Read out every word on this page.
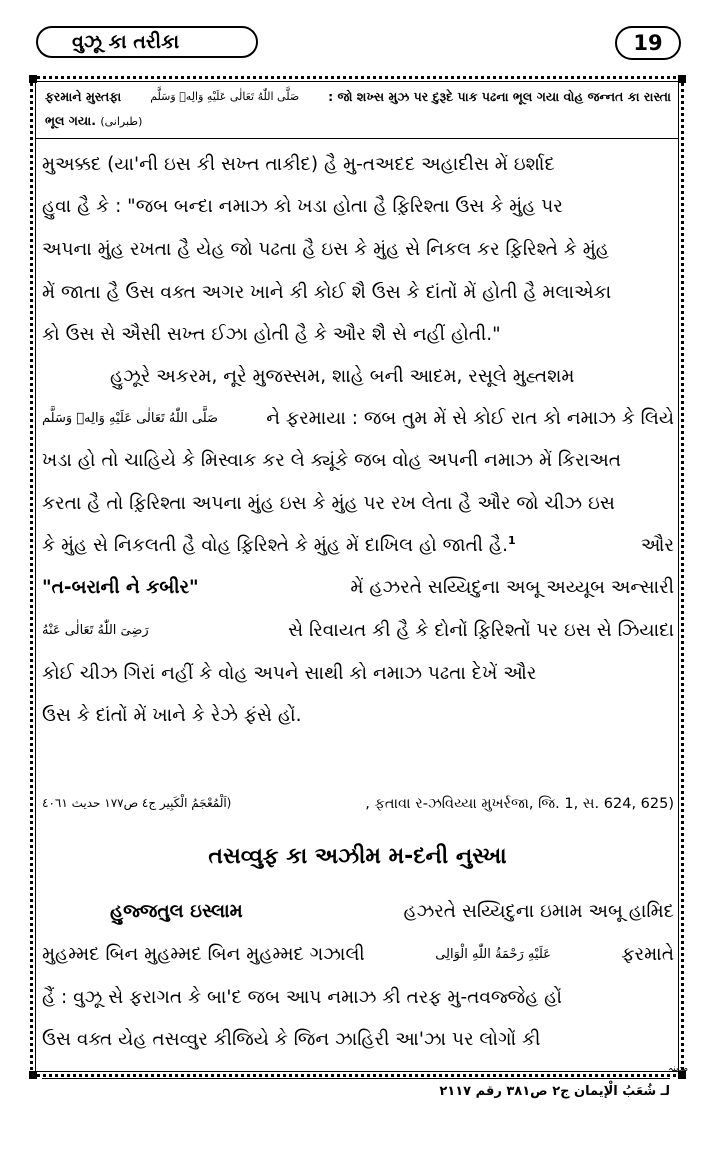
વુઝૂ કા તરીકા	19
ફરમાને મુસ્તફા	صَلَّى اللّٰهُ تَعَالٰى عَلَيْهِ وَالِهٖ وَسَلَّم : જો શખ્સ મુઝ પર દુરૂદે પાક પઢના ભૂલ ગયા વોહ જન્નત કા રાસ્તા
ભૂલ ગયા. (طبرانی)
મુઅક્કદ (યા'ની ઇસ કી સખ્ત તાકીદ) હૈ મુ-તઅદદ અહાદીસ મેં ઇર્શાદ
હુવા હૈ કે : "જબ બન્દા નમાઝ કો ખડા હોતા હૈ ફ઼િરિશ્તા ઉસ કે મુંહ પર
અપના મુંહ રખતા હૈ યેહ જો પઢતા હૈ ઇસ કે મુંહ સે નિકલ કર ફ઼િરિશ્તે કે મુંહ
મેં જાતા હૈ ઉસ વક્ત અગર ખાને કી કોઈ શૈ ઉસ કે દાંતોં મેં હોતી હૈ મલાએકા
કો ઉસ સે ઐસી સખ્ત ઈઝા હોતી હૈ કે ઔર શૈ સે નહીં હોતી."
હુઝૂરે અકરમ, નૂરે મુજસ્સમ, શાહે બની આદમ, રસૂલે મુહ્તશમ
صَلَّى اللّٰهُ تَعَالٰى عَلَيْهِ وَالِهٖ وَسَلَّم	ને ફરમાયા : જબ તુમ મેં સે કોઈ રાત કો નમાઝ કે લિયે
ખડા હો તો ચાહિયે કે મિસ્વાક કર લે ક્યૂંકે જબ વોહ અપની નમાઝ મેં કિરાઅત
કરતા હૈ તો ફ઼િરિશ્તા અપના મુંહ ઇસ કે મુંહ પર રખ લેતા હૈ ઔર જો ચીઝ ઇસ
કે મુંહ સે નિકલતી હૈ વોહ ફ઼િરિશ્તે કે મુંહ મેં દાખિલ હો જાતી હૈ.$^1$	ઔર
"ત-બરાની ને કબીર"	મેં હઝરતે સય્યિદુના અબૂ અય્યૂબ અન્સારી
رَضِیَ اللّٰهُ تَعَالٰی عَنْهُ	સે રિવાયત કી હૈ કે દોનોં ફ઼િરિશ્તોં પર ઇસ સે ઝિયાદા
કોઈ ચીઝ ગિરાં નહીં કે વોહ અપને સાથી કો નમાઝ પઢતા દેખેં ઔર
ઉસ કે દાંતોં મેં ખાને કે રેઝે ફંસે હોં.
(اَلْمُعْجَمُ الْكَبِير ج٤ ص١٧٧ حديث ٤٠٦١	, ફતાવા ર-ઝવિય્યા મુખર્રજા, જિ. 1, સ. 624, 625)
તસવ્વુફ કા અઝીમ મ-દની નુસ્ખા
હુજ્જતુલ ઇસ્લામ	હઝરતે સય્યિદુના ઇમામ અબૂ હામિદ
મુહમ્મદ બિન મુહમ્મદ બિન મુહમ્મદ ગઝાલી	عَلَيْهِ رَحْمَةُ اللّٰهِ الْوَالِی	ફરમાતે
હૈં : વુઝૂ સે ફરાગત કે બા'દ જબ આપ નમાઝ કી તરફ મુ-તવજ્જેહ હોં
ઉસ વક્ત યેહ તસવ્વુર કીજિયે કે જિન ઝાહિરી આ'ઝા પર લોગોં કી
مدینہ
لـ شُعَبُ الْإيمان ج٢ ص٣٨١ رقم ٢١١٧
